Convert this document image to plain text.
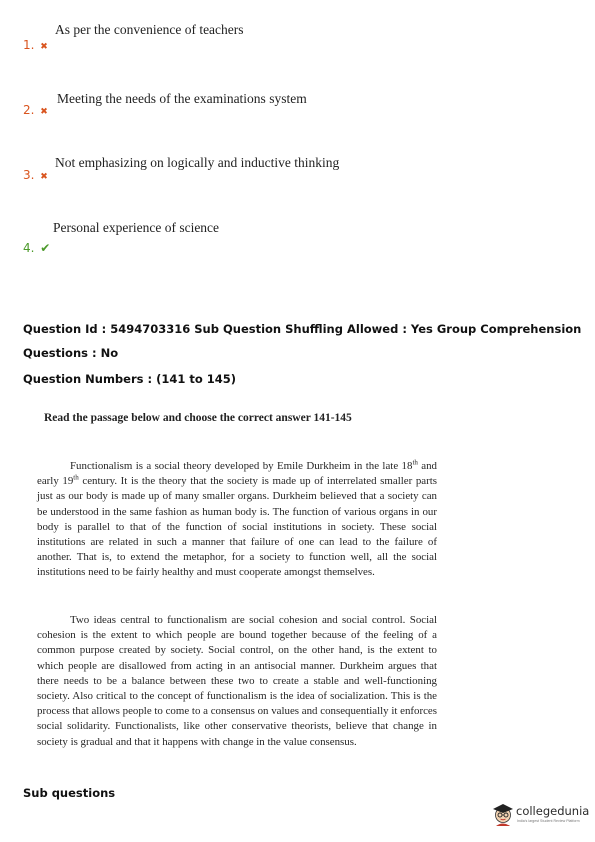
As per the convenience of teachers
1. ✖
Meeting the needs of the examinations system
2. ✖
Not emphasizing on logically and inductive thinking
3. ✖
Personal experience of science
4. ✔
Question Id : 5494703316 Sub Question Shuffling Allowed : Yes Group Comprehension
Questions : No
Question Numbers : (141 to 145)
Read the passage below and choose the correct answer 141-145

Functionalism is a social theory developed by Emile Durkheim in the late 18th and early 19th century. It is the theory that the society is made up of interrelated smaller parts just as our body is made up of many smaller organs. Durkheim believed that a society can be understood in the same fashion as human body is. The function of various organs in our body is parallel to that of the function of social institutions in society. These social institutions are related in such a manner that failure of one can lead to the failure of another. That is, to extend the metaphor, for a society to function well, all the social institutions need to be fairly healthy and must cooperate amongst themselves.

Two ideas central to functionalism are social cohesion and social control. Social cohesion is the extent to which people are bound together because of the feeling of a common purpose created by society. Social control, on the other hand, is the extent to which people are disallowed from acting in an antisocial manner. Durkheim argues that there needs to be a balance between these two to create a stable and well-functioning society. Also critical to the concept of functionalism is the idea of socialization. This is the process that allows people to come to a consensus on values and consequentially it enforces social solidarity. Functionalists, like other conservative theorists, believe that change in society is gradual and that it happens with change in the value consensus.

Sub questions
collegedunia
India's largest Student Review Platform
